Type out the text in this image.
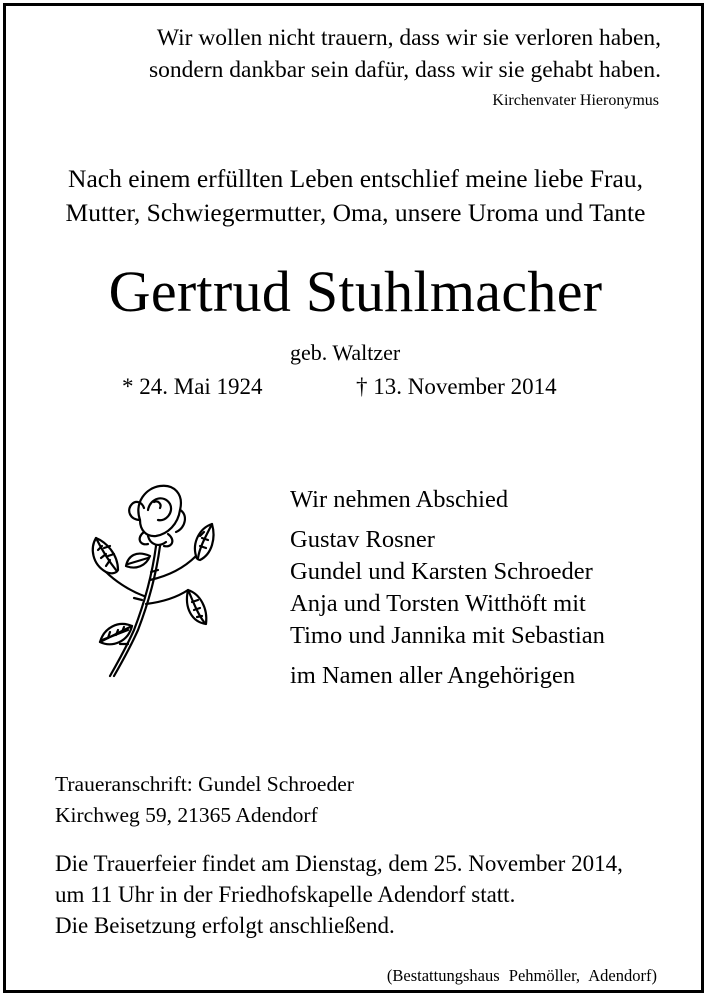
Wir wollen nicht trauern, dass wir sie verloren haben,
sondern dankbar sein dafür, dass wir sie gehabt haben.
Kirchenvater Hieronymus
Nach einem erfüllten Leben entschlief meine liebe Frau,
Mutter, Schwiegermutter, Oma, unsere Uroma und Tante
Gertrud Stuhlmacher
geb. Waltzer
* 24. Mai 1924	† 13. November 2014
Wir nehmen Abschied
Gustav Rosner
Gundel und Karsten Schroeder
Anja und Torsten Witthöft mit
Timo und Jannika mit Sebastian
im Namen aller Angehörigen
Traueranschrift: Gundel Schroeder
Kirchweg 59, 21365 Adendorf
Die Trauerfeier findet am Dienstag, dem 25. November 2014,
um 11 Uhr in der Friedhofskapelle Adendorf statt.
Die Beisetzung erfolgt anschließend.
(Bestattungshaus Pehmöller, Adendorf)
